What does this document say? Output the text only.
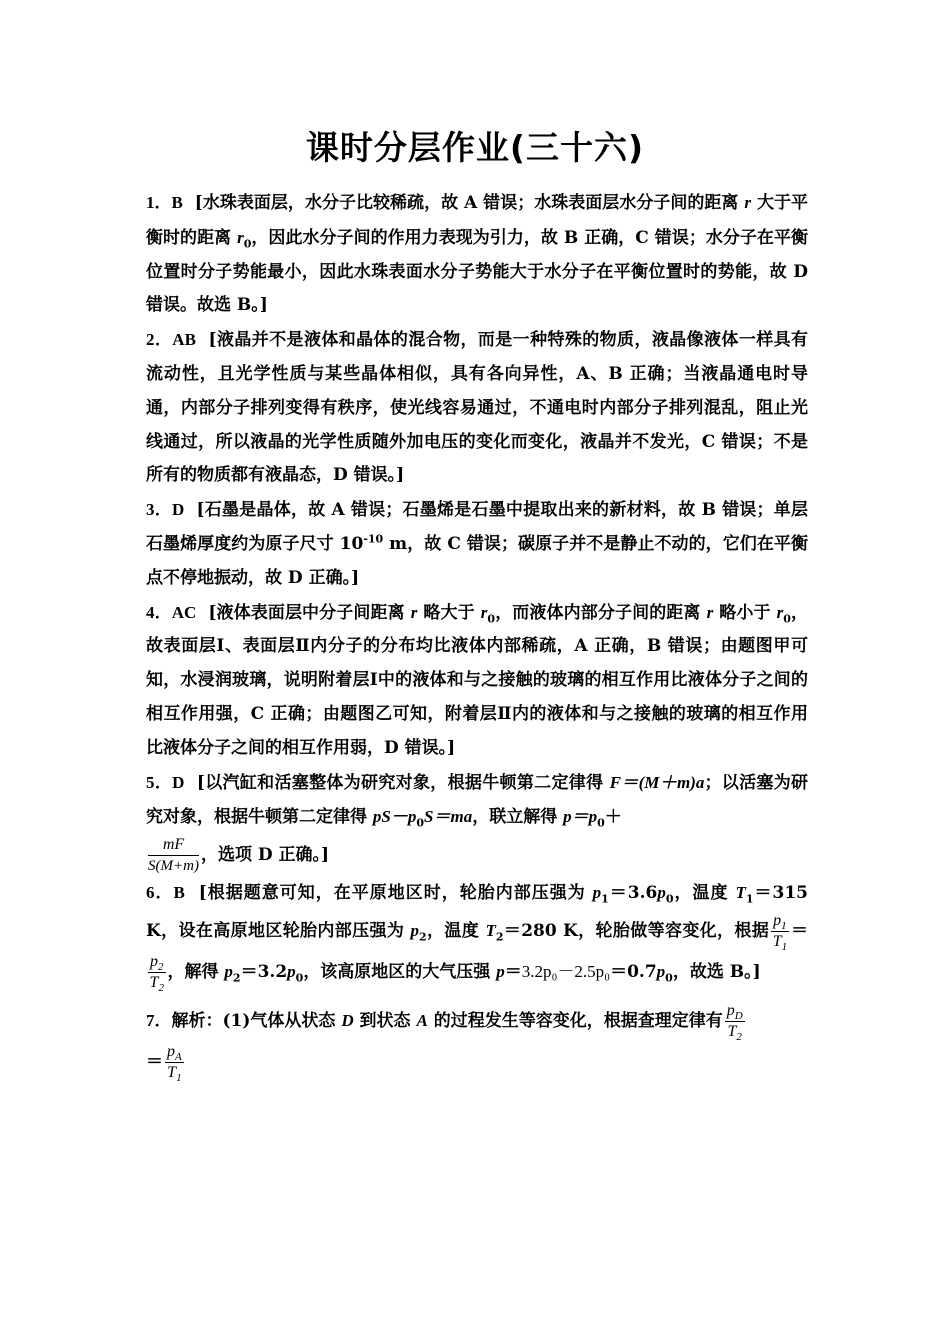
课时分层作业(三十六)

1．B [水珠表面层，水分子比较稀疏，故 A 错误；水珠表面层水分子间的距离 r 大于平衡时的距离 $r_0$，因此水分子间的作用力表现为引力，故 B 正确，C 错误；水分子在平衡位置时分子势能最小，因此水珠表面水分子势能大于水分子在平衡位置时的势能，故 D 错误。故选 B。]

2．AB [液晶并不是液体和晶体的混合物，而是一种特殊的物质，液晶像液体一样具有流动性，且光学性质与某些晶体相似，具有各向异性，A、B 正确；当液晶通电时导通，内部分子排列变得有秩序，使光线容易通过，不通电时内部分子排列混乱，阻止光线通过，所以液晶的光学性质随外加电压的变化而变化，液晶并不发光，C 错误；不是所有的物质都有液晶态，D 错误。]

3．D [石墨是晶体，故 A 错误；石墨烯是石墨中提取出来的新材料，故 B 错误；单层石墨烯厚度约为原子尺寸 $10^{-10}$ m，故 C 错误；碳原子并不是静止不动的，它们在平衡点不停地振动，故 D 正确。]

4．AC [液体表面层中分子间距离 r 略大于 $r_0$，而液体内部分子间的距离 r 略小于 $r_0$，故表面层Ⅰ、表面层Ⅱ内分子的分布均比液体内部稀疏，A 正确，B 错误；由题图甲可知，水浸润玻璃，说明附着层Ⅰ中的液体和与之接触的玻璃的相互作用比液体分子之间的相互作用强，C 正确；由题图乙可知，附着层Ⅱ内的液体和与之接触的玻璃的相互作用比液体分子之间的相互作用弱，D 错误。]

5．D [以汽缸和活塞整体为研究对象，根据牛顿第二定律得 F＝(M＋m)a；以活塞为研究对象，根据牛顿第二定律得 $pS-p_0S=ma$，联立解得 $p=p_0+$

$\frac{mF}{S(M+m)}$ ，选项 D 正确。]

6．B [根据题意可知，在平原地区时，轮胎内部压强为 $p_1=3.6p_0$，温度 $T_1=315$ K，设在高原地区轮胎内部压强为 $p_2$，温度 $T_2=280$ K，轮胎做等容变化，根据 $\frac{p_1}{T_1}$ ＝
$\frac{p_2}{T_2}$ ，解得 $p_2=3.2p_0$，该高原地区的大气压强 $p=3.2p_0-2.5p_0=0.7p_0$，故选 B。]

7．解析：(1)气体从状态 D 到状态 A 的过程发生等容变化，根据查理定律有 $\frac{p_D}{T_2}$

＝ $\frac{p_A}{T_1}$
